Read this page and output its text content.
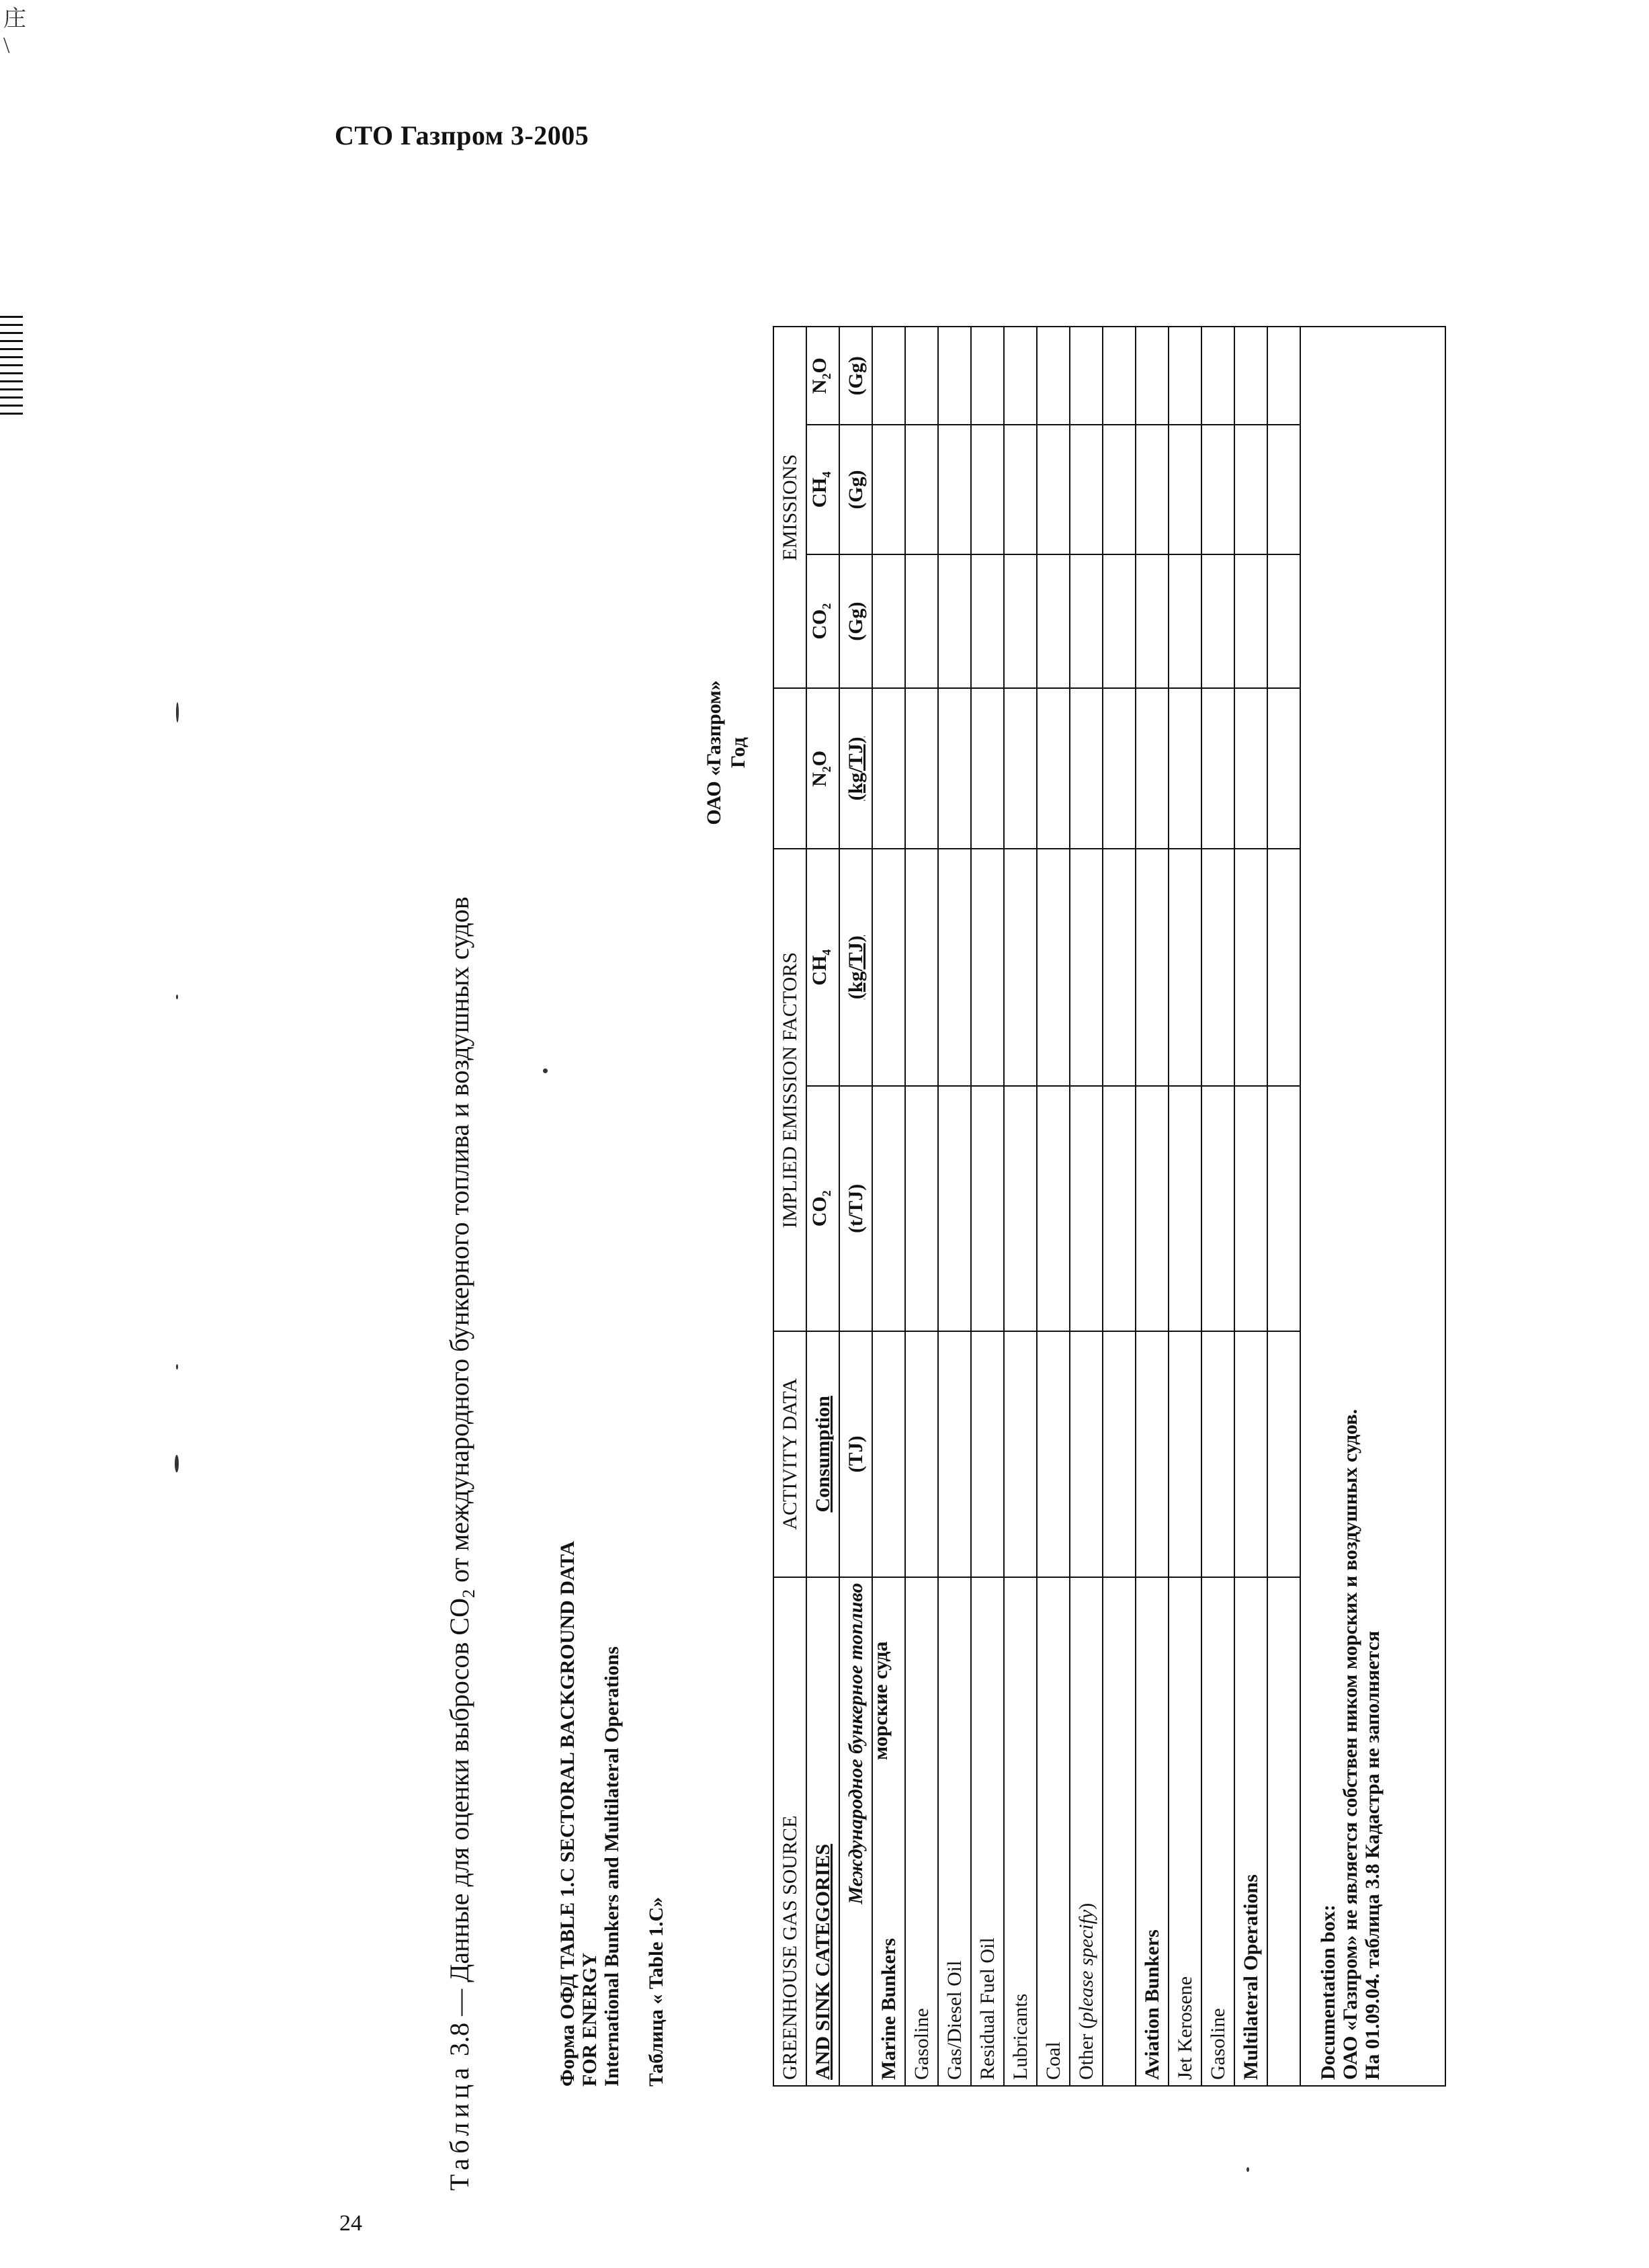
庄
\
СТО Газпром 3-2005
Таблица 3.8 — Данные для оценки выбросов $CO_2$ от международного бункерного топлива и воздушных судов
Форма ОФД TABLE 1.C SECTORAL BACKGROUND DATA FOR ENERGY International Bunkers and Multilateral Operations Таблица « Table 1.C»
ОАО «Газпром» Год
GREENHOUSE GAS SOURCE	ACTIVITY DATA	IMPLIED EMISSION FACTORS			EMISSIONS		
AND SINK CATEGORIES	Consumption	$CO_2$	$CH_4$	$N_2O$	$CO_2$	$CH_4$	$N_2O$
Международное бункерное топливо	(TJ)	(t/TJ)	(kg/TJ)	(kg/TJ)	(Gg)	(Gg)	(Gg)
Marine Bunkers
морские суда							

Gasoline							
Gas/Diesel Oil							
Residual Fuel Oil							
Lubricants							
Coal							
Other (please specify)							

Aviation Bunkers							
Jet Kerosene							
Gasoline							
Multilateral Operations							

Documentation box: ОАО «Газпром» не является собствен ником морских и воздушных судов. На 01.09.04. таблица 3.8 Кадастра не заполняется							
24
